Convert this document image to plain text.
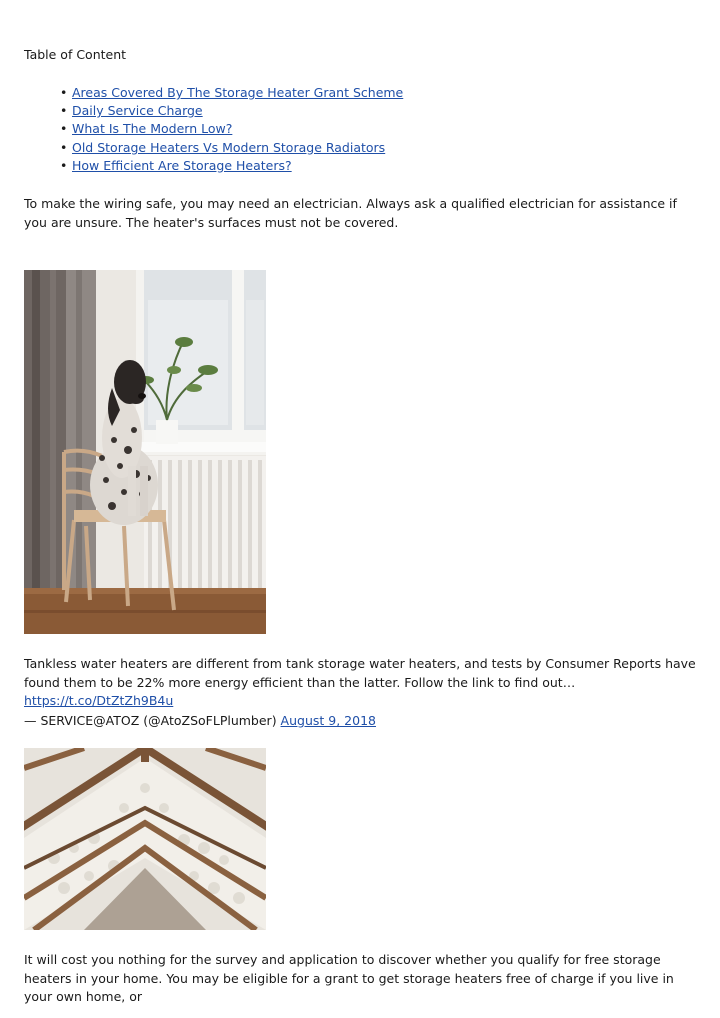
Table of Content
• Areas Covered By The Storage Heater Grant Scheme
• Daily Service Charge
• What Is The Modern Low?
• Old Storage Heaters Vs Modern Storage Radiators
• How Efficient Are Storage Heaters?

To make the wiring safe, you may need an electrician. Always ask a qualified electrician for assistance if you are unsure. The heater's surfaces must not be covered.

Tankless water heaters are different from tank storage water heaters, and tests by Consumer Reports have found them to be 22% more energy efficient than the latter. Follow the link to find out… https://t.co/DtZtZh9B4u

— SERVICE@ATOZ (@AtoZSoFLPlumber) August 9, 2018

It will cost you nothing for the survey and application to discover whether you qualify for free storage heaters in your home. You may be eligible for a grant to get storage heaters free of charge if you live in your own home, or
